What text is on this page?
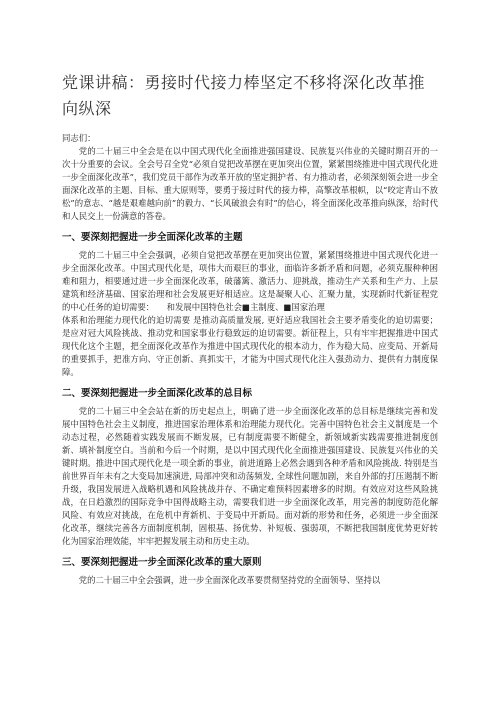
党课讲稿：勇接时代接力棒坚定不移将深化改革推向纵深

同志们：

党的二十届三中全会是在以中国式现代化全面推进强国建设、民族复兴伟业的关键时期召开的一次十分重要的会议。全会号召全党“必须自觉把改革摆在更加突出位置，紧紧围绕推进中国式现代化进一步全面深化改革”，我们党员干部作为改革开放的坚定拥护者、有力推动者，必须深刻领会进一步全面深化改革的主题、目标、重大原则等，要勇于接过时代的接力棒，高擎改革根帜，以“咬定青山不放松”的意志、“越是艰难越向前”的毅力、“长风破浪会有时”的信心，将全面深化改革推向纵深，给时代和人民交上一份满意的答卷。

一、要深刻把握进一步全面深化改革的主题

党的二十届三中全会强调，必须自觉把改革摆在更加突出位置，紧紧围绕推进中国式现代化进一步全面深化改革。中国式现代化是，项伟大而艰巨的事业，面临许多新矛盾和问题，必须克服种种困难和阻力，相要通过进一步全面深化改革，破藩篱、激活力、迎挑战，推动生产关系和生产力、上层建筑和经济基础、国家治理和社会发展更好相适应。这是凝聚人心、汇聚力量，实现新时代新征程党的中心任务的迫切需要：　　和发展中国特色社会■主制度、■国家治理

体系和治理能力现代化的迫切需要 是推动高质量发展, 更好适应我国社会主要矛盾变化的迫切需要；是应对冠大风险挑战、推动党和国家事业行稳致远的迫切需要。新征程上，只有牢牢把握推进中国式现代化这个主题，把全面深化改革作为推进中国式现代化的根本动力，作为稳大局、应变局、开新局的重要抓手，把准方向、守正创新、真抓实干，才能为中国式现代化注入强劲动力、提供有力制度保障。

二、要深刻把握进一步全面深化改革的总目标

党的二十届三中全会站在新的历史起点上，明确了进一步全面深化改革的总目标是继续完善和发展中国特色社会主义制度，推进国家治理体系和治理能力现代化。完善中国特色社会主义制度是一个动态过程，必然随着实践发展而不断发展，已有制度需要不断健全，新领域新实践需要推进制度创新、填补制度空白。当前和今后一个时期，是以中国式现代化全面推进强国建设、民族复兴伟业的关键时期。推进中国式现代化是一项全新的事业，前进道路上必然会遇到各种矛盾和风险挑战. 特别是当前世界百年未有之大变局加速演进, 局部冲突和动荡频发, 全球性问题加剧，来自外部的打压遏制不断升级，我国发展进入战略机遇和风险挑战并存、不确定难预料因素增多的时期。有效应对这些风险挑战，在日趋激烈的国际竞争中国得战略主动，需要我们进一步全面深化改革，用完善的制度防范化解风险、有效应对挑战，在危机中育新机、于变局中开新局。面对新的形势和任务，必须进一步全面深化改革，继续完善各方面制度机制，固根基、扬优势、补短板、强弱项，不断把我国制度优势更好转化为国家治理效能，牢牢把握发展主动和历史主动。

三、要深刻把握进一步全面深化改革的重大原则

党的二十届三中全会强调，进一步全面深化改革要贯彻坚持党的全面领导、坚持以
